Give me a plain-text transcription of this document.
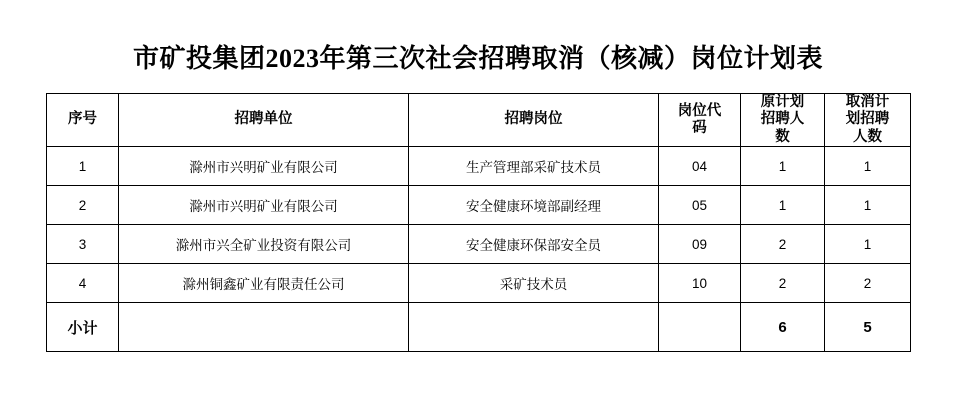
市矿投集团2023年第三次社会招聘取消（核减）岗位计划表
序号	招聘单位	招聘岗位	岗位代码	原计划招聘人数	取消计划招聘人数

1	滁州市兴明矿业有限公司	生产管理部采矿技术员	04	1	1
2	滁州市兴明矿业有限公司	安全健康环境部副经理	05	1	1
3	滁州市兴全矿业投资有限公司	安全健康环保部安全员	09	2	1
4	滁州铜鑫矿业有限责任公司	采矿技术员	10	2	2
小计				6	5
